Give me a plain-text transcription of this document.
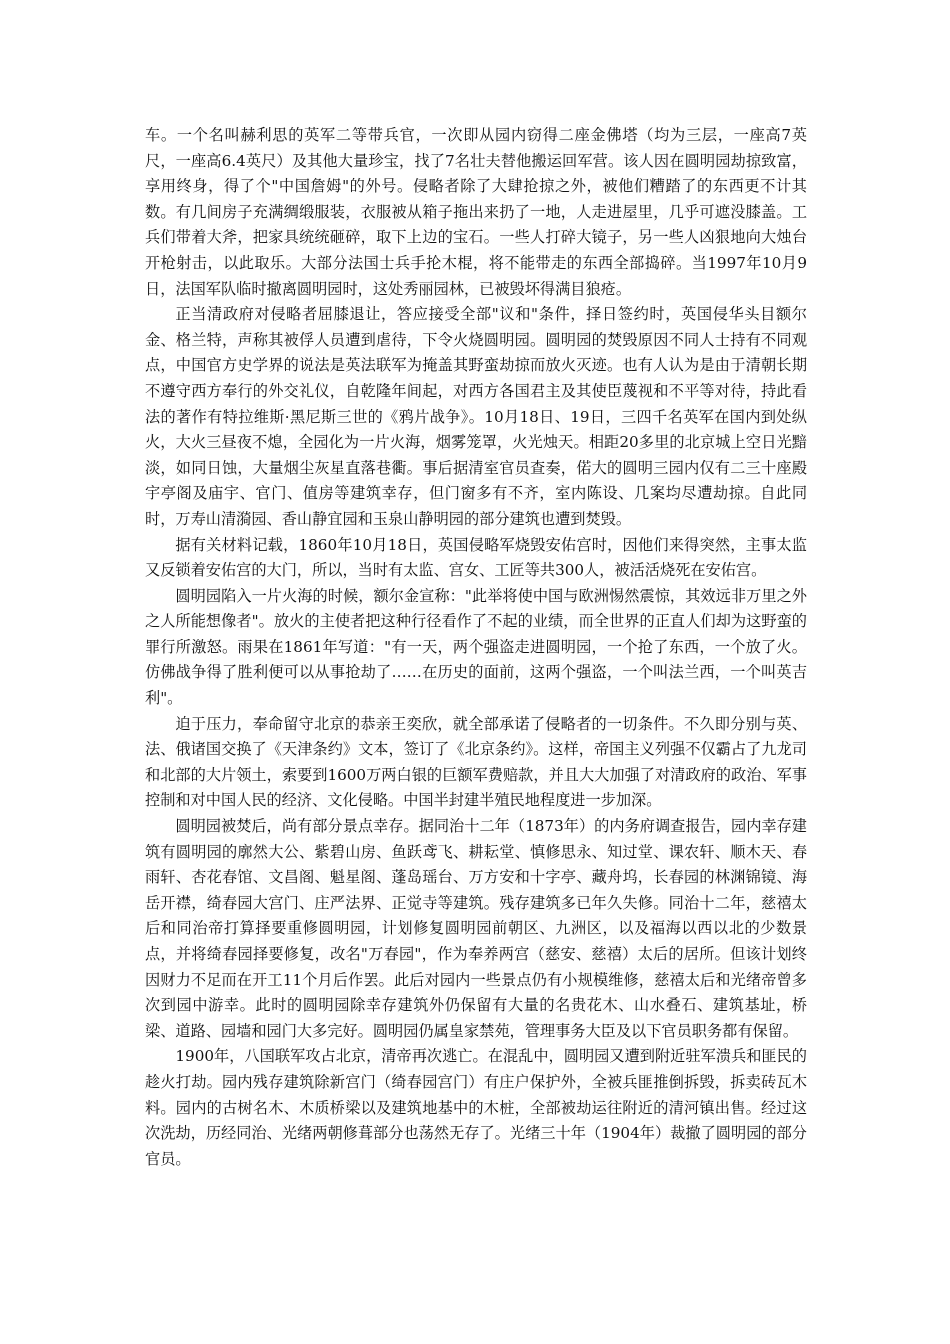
车。一个名叫赫利思的英军二等带兵官，一次即从园内窃得二座金佛塔（均为三层，一座高7英尺，一座高6.4英尺）及其他大量珍宝，找了7名壮夫替他搬运回军营。该人因在圆明园劫掠致富，享用终身，得了个"中国詹姆"的外号。侵略者除了大肆抢掠之外，被他们糟踏了的东西更不计其数。有几间房子充满绸缎服装，衣服被从箱子拖出来扔了一地，人走进屋里，几乎可遮没膝盖。工兵们带着大斧，把家具统统砸碎，取下上边的宝石。一些人打碎大镜子，另一些人凶狠地向大烛台开枪射击，以此取乐。大部分法国士兵手抡木棍，将不能带走的东西全部捣碎。当1997年10月9日，法国军队临时撤离圆明园时，这处秀丽园林，已被毁坏得满目狼疮。

正当清政府对侵略者屈膝退让，答应接受全部"议和"条件，择日签约时，英国侵华头目额尔金、格兰特，声称其被俘人员遭到虐待，下令火烧圆明园。圆明园的焚毁原因不同人士持有不同观点，中国官方史学界的说法是英法联军为掩盖其野蛮劫掠而放火灭迹。也有人认为是由于清朝长期不遵守西方奉行的外交礼仪，自乾隆年间起，对西方各国君主及其使臣蔑视和不平等对待，持此看法的著作有特拉维斯·黑尼斯三世的《鸦片战争》。10月18日、19日，三四千名英军在国内到处纵火，大火三昼夜不熄，全园化为一片火海，烟雾笼罩，火光烛天。相距20多里的北京城上空日光黯淡，如同日蚀，大量烟尘灰星直落巷衢。事后据清室官员查奏，偌大的圆明三园内仅有二三十座殿宇亭阁及庙宇、官门、值房等建筑幸存，但门窗多有不齐，室内陈设、几案均尽遭劫掠。自此同时，万寿山清漪园、香山静宜园和玉泉山静明园的部分建筑也遭到焚毁。

据有关材料记载，1860年10月18日，英国侵略军烧毁安佑宫时，因他们来得突然，主事太监又反锁着安佑宫的大门，所以，当时有太监、宫女、工匠等共300人，被活活烧死在安佑宫。

圆明园陷入一片火海的时候，额尔金宣称："此举将使中国与欧洲惕然震惊，其效远非万里之外之人所能想像者"。放火的主使者把这种行径看作了不起的业绩，而全世界的正直人们却为这野蛮的罪行所激怒。雨果在1861年写道："有一天，两个强盗走进圆明园，一个抢了东西，一个放了火。仿佛战争得了胜利便可以从事抢劫了……在历史的面前，这两个强盗，一个叫法兰西，一个叫英吉利"。

迫于压力，奉命留守北京的恭亲王奕欣，就全部承诺了侵略者的一切条件。不久即分别与英、法、俄诸国交换了《天津条约》文本，签订了《北京条约》。这样，帝国主义列强不仅霸占了九龙司和北部的大片领土，索要到1600万两白银的巨额军费赔款，并且大大加强了对清政府的政治、军事控制和对中国人民的经济、文化侵略。中国半封建半殖民地程度进一步加深。

圆明园被焚后，尚有部分景点幸存。据同治十二年（1873年）的内务府调查报告，园内幸存建筑有圆明园的廓然大公、紫碧山房、鱼跃鸢飞、耕耘堂、慎修思永、知过堂、课农轩、顺木天、春雨轩、杏花春馆、文昌阁、魁星阁、蓬岛瑶台、万方安和十字亭、藏舟坞，长春园的林渊锦镜、海岳开襟，绮春园大宫门、庄严法界、正觉寺等建筑。残存建筑多已年久失修。同治十二年，慈禧太后和同治帝打算择要重修圆明园，计划修复圆明园前朝区、九洲区，以及福海以西以北的少数景点，并将绮春园择要修复，改名"万春园"，作为奉养两宫（慈安、慈禧）太后的居所。但该计划终因财力不足而在开工11个月后作罢。此后对园内一些景点仍有小规模维修，慈禧太后和光绪帝曾多次到园中游幸。此时的圆明园除幸存建筑外仍保留有大量的名贵花木、山水叠石、建筑基址，桥梁、道路、园墙和园门大多完好。圆明园仍属皇家禁苑，管理事务大臣及以下官员职务都有保留。

1900年，八国联军攻占北京，清帝再次逃亡。在混乱中，圆明园又遭到附近驻军溃兵和匪民的趁火打劫。园内残存建筑除新宫门（绮春园宫门）有庄户保护外，全被兵匪推倒拆毁，拆卖砖瓦木料。园内的古树名木、木质桥梁以及建筑地基中的木桩，全部被劫运往附近的清河镇出售。经过这次洗劫，历经同治、光绪两朝修葺部分也荡然无存了。光绪三十年（1904年）裁撤了圆明园的部分官员。
